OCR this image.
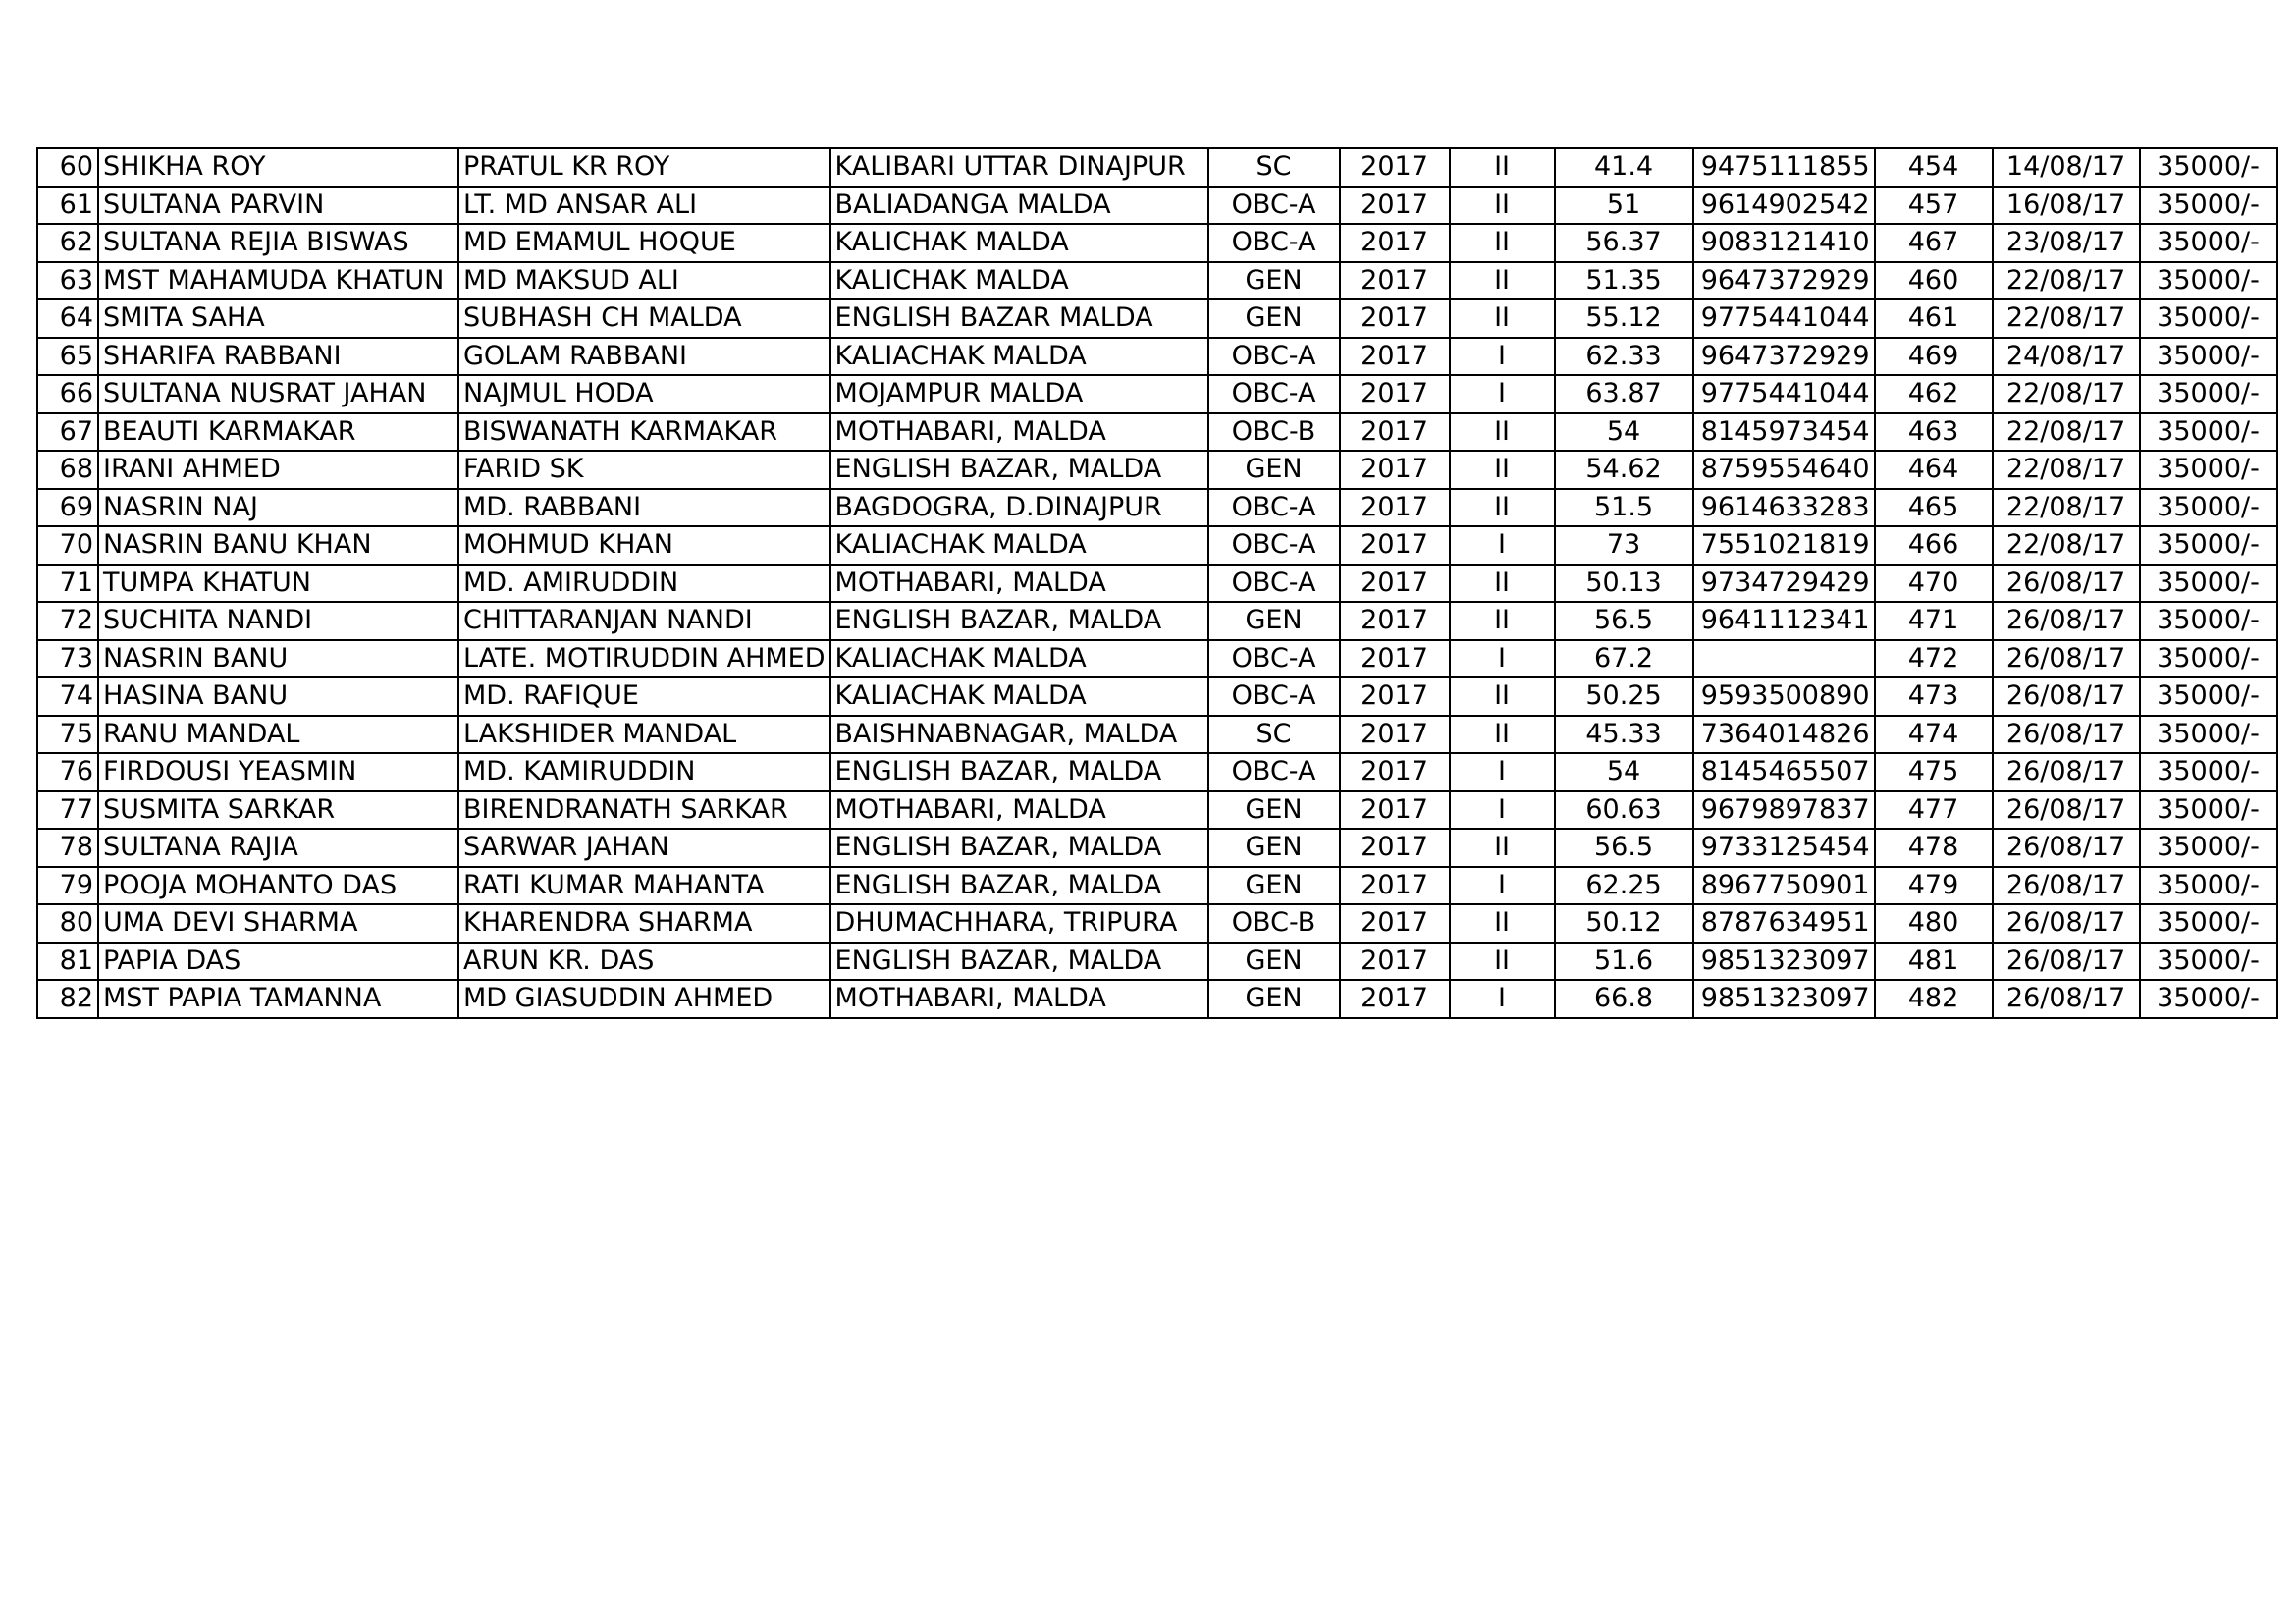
60	SHIKHA ROY	PRATUL KR ROY	KALIBARI UTTAR DINAJPUR	SC	2017	II	41.4	9475111855	454	14/08/17	35000/-
61	SULTANA PARVIN	LT. MD ANSAR ALI	BALIADANGA MALDA	OBC-A	2017	II	51	9614902542	457	16/08/17	35000/-
62	SULTANA REJIA BISWAS	MD EMAMUL HOQUE	KALICHAK MALDA	OBC-A	2017	II	56.37	9083121410	467	23/08/17	35000/-
63	MST MAHAMUDA KHATUN	MD MAKSUD ALI	KALICHAK MALDA	GEN	2017	II	51.35	9647372929	460	22/08/17	35000/-
64	SMITA SAHA	SUBHASH CH MALDA	ENGLISH BAZAR MALDA	GEN	2017	II	55.12	9775441044	461	22/08/17	35000/-
65	SHARIFA RABBANI	GOLAM RABBANI	KALIACHAK MALDA	OBC-A	2017	I	62.33	9647372929	469	24/08/17	35000/-
66	SULTANA NUSRAT JAHAN	NAJMUL HODA	MOJAMPUR MALDA	OBC-A	2017	I	63.87	9775441044	462	22/08/17	35000/-
67	BEAUTI KARMAKAR	BISWANATH KARMAKAR	MOTHABARI, MALDA	OBC-B	2017	II	54	8145973454	463	22/08/17	35000/-
68	IRANI AHMED	FARID SK	ENGLISH BAZAR, MALDA	GEN	2017	II	54.62	8759554640	464	22/08/17	35000/-
69	NASRIN NAJ	MD. RABBANI	BAGDOGRA, D.DINAJPUR	OBC-A	2017	II	51.5	9614633283	465	22/08/17	35000/-
70	NASRIN BANU KHAN	MOHMUD KHAN	KALIACHAK MALDA	OBC-A	2017	I	73	7551021819	466	22/08/17	35000/-
71	TUMPA KHATUN	MD. AMIRUDDIN	MOTHABARI, MALDA	OBC-A	2017	II	50.13	9734729429	470	26/08/17	35000/-
72	SUCHITA NANDI	CHITTARANJAN NANDI	ENGLISH BAZAR, MALDA	GEN	2017	II	56.5	9641112341	471	26/08/17	35000/-
73	NASRIN BANU	LATE. MOTIRUDDIN AHMED	KALIACHAK MALDA	OBC-A	2017	I	67.2		472	26/08/17	35000/-
74	HASINA BANU	MD. RAFIQUE	KALIACHAK MALDA	OBC-A	2017	II	50.25	9593500890	473	26/08/17	35000/-
75	RANU MANDAL	LAKSHIDER MANDAL	BAISHNABNAGAR, MALDA	SC	2017	II	45.33	7364014826	474	26/08/17	35000/-
76	FIRDOUSI YEASMIN	MD. KAMIRUDDIN	ENGLISH BAZAR, MALDA	OBC-A	2017	I	54	8145465507	475	26/08/17	35000/-
77	SUSMITA SARKAR	BIRENDRANATH SARKAR	MOTHABARI, MALDA	GEN	2017	I	60.63	9679897837	477	26/08/17	35000/-
78	SULTANA RAJIA	SARWAR JAHAN	ENGLISH BAZAR, MALDA	GEN	2017	II	56.5	9733125454	478	26/08/17	35000/-
79	POOJA MOHANTO DAS	RATI KUMAR MAHANTA	ENGLISH BAZAR, MALDA	GEN	2017	I	62.25	8967750901	479	26/08/17	35000/-
80	UMA DEVI SHARMA	KHARENDRA SHARMA	DHUMACHHARA, TRIPURA	OBC-B	2017	II	50.12	8787634951	480	26/08/17	35000/-
81	PAPIA DAS	ARUN KR. DAS	ENGLISH BAZAR, MALDA	GEN	2017	II	51.6	9851323097	481	26/08/17	35000/-
82	MST PAPIA TAMANNA	MD GIASUDDIN AHMED	MOTHABARI, MALDA	GEN	2017	I	66.8	9851323097	482	26/08/17	35000/-
